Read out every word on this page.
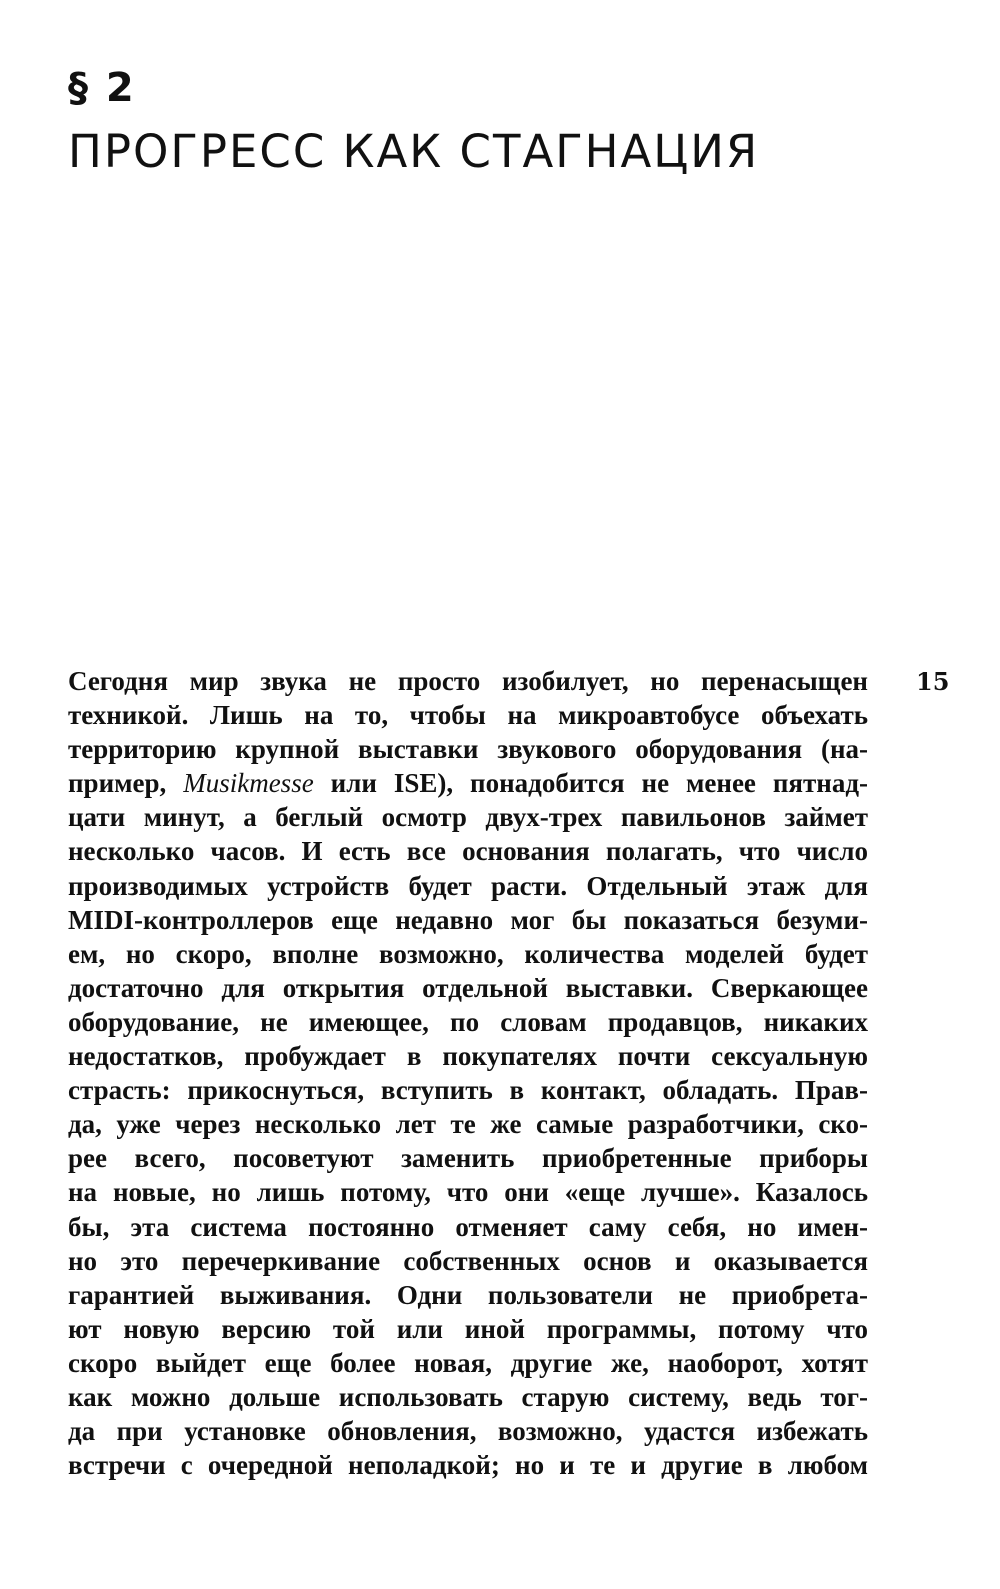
§ 2
ПРОГРЕСС КАК СТАГНАЦИЯ
15
Сегодня мир звука не просто изобилует, но перенасыщен
техникой. Лишь на то, чтобы на микроавтобусе объехать
территорию крупной выставки звукового оборудования (на-
пример, Musikmesse или ISE), понадобится не менее пятнад-
цати минут, а беглый осмотр двух-трех павильонов займет
несколько часов. И есть все основания полагать, что число
производимых устройств будет расти. Отдельный этаж для
MIDI-контроллеров еще недавно мог бы показаться безуми-
ем, но скоро, вполне возможно, количества моделей будет
достаточно для открытия отдельной выставки. Сверкающее
оборудование, не имеющее, по словам продавцов, никаких
недостатков, пробуждает в покупателях почти сексуальную
страсть: прикоснуться, вступить в контакт, обладать. Прав-
да, уже через несколько лет те же самые разработчики, ско-
рее всего, посоветуют заменить приобретенные приборы
на новые, но лишь потому, что они «еще лучше». Казалось
бы, эта система постоянно отменяет саму себя, но имен-
но это перечеркивание собственных основ и оказывается
гарантией выживания. Одни пользователи не приобрета-
ют новую версию той или иной программы, потому что
скоро выйдет еще более новая, другие же, наоборот, хотят
как можно дольше использовать старую систему, ведь тог-
да при установке обновления, возможно, удастся избежать
встречи с очередной неполадкой; но и те и другие в любом
